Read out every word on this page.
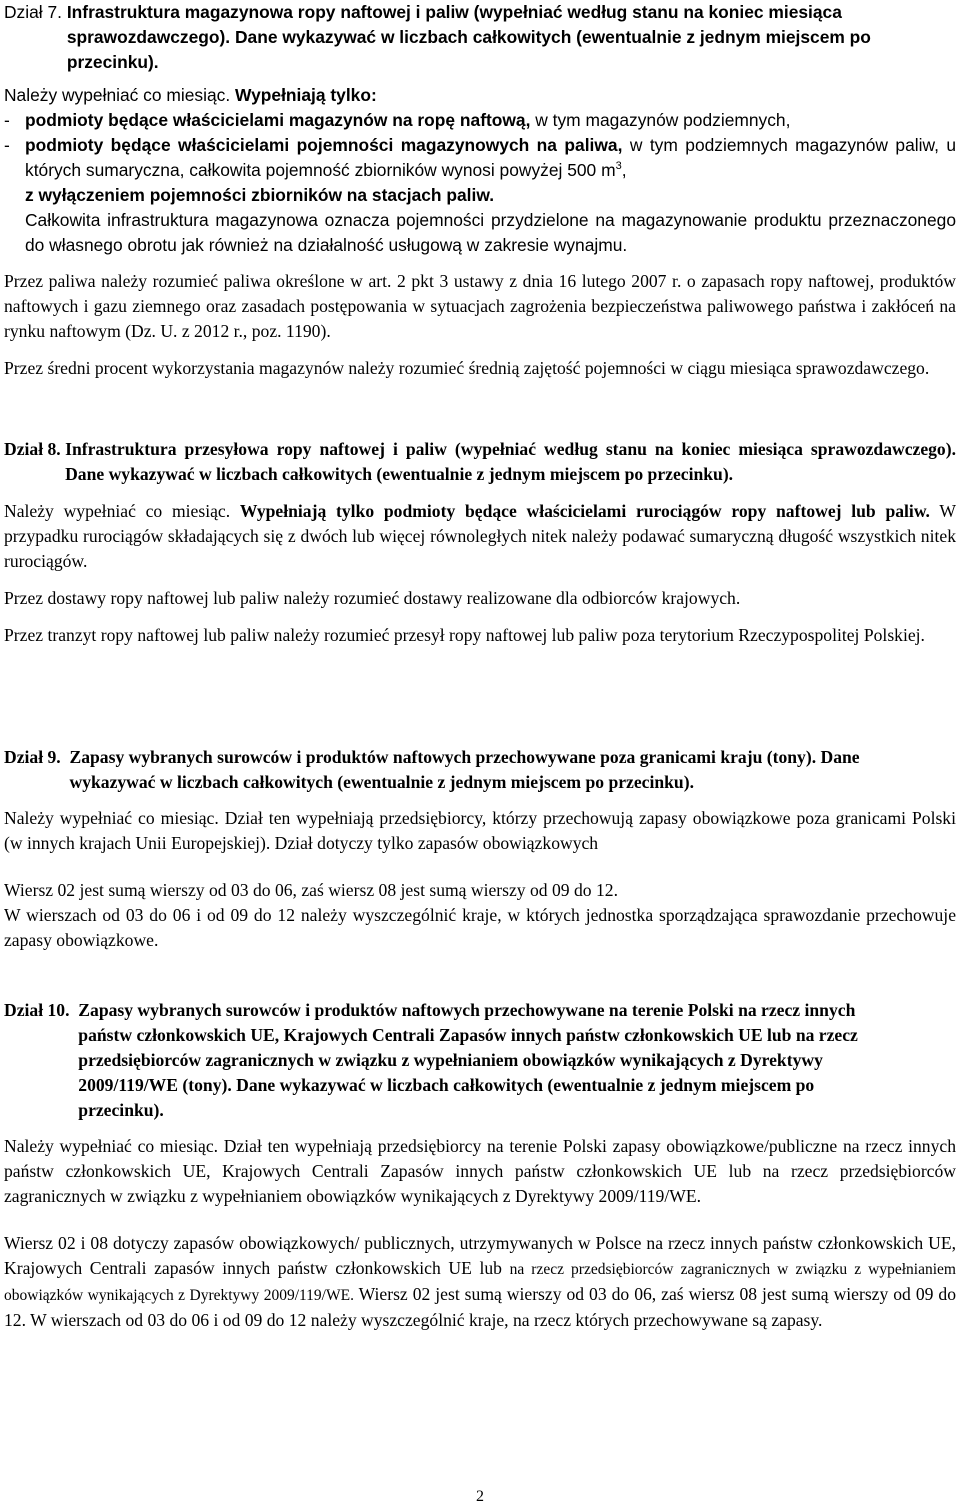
Dział 7. Infrastruktura magazynowa ropy naftowej i paliw (wypełniać według stanu na koniec miesiąca sprawozdawczego). Dane wykazywać w liczbach całkowitych (ewentualnie z jednym miejscem po przecinku).

Należy wypełniać co miesiąc. Wypełniają tylko:

- podmioty będące właścicielami magazynów na ropę naftową, w tym magazynów podziemnych,
- podmioty będące właścicielami pojemności magazynowych na paliwa, w tym podziemnych magazynów paliw, u których sumaryczna, całkowita pojemność zbiorników wynosi powyżej 500 $m^3$,
z wyłączeniem pojemności zbiorników na stacjach paliw.

Całkowita infrastruktura magazynowa oznacza pojemności przydzielone na magazynowanie produktu przeznaczonego do własnego obrotu jak również na działalność usługową w zakresie wynajmu.

Przez paliwa należy rozumieć paliwa określone w art. 2 pkt 3 ustawy z dnia 16 lutego 2007 r. o zapasach ropy naftowej, produktów naftowych i gazu ziemnego oraz zasadach postępowania w sytuacjach zagrożenia bezpieczeństwa paliwowego państwa i zakłóceń na rynku naftowym (Dz. U. z 2012 r., poz. 1190).

Przez średni procent wykorzystania magazynów należy rozumieć średnią zajętość pojemności w ciągu miesiąca sprawozdawczego.

Dział 8. Infrastruktura przesyłowa ropy naftowej i paliw (wypełniać według stanu na koniec miesiąca sprawozdawczego). Dane wykazywać w liczbach całkowitych (ewentualnie z jednym miejscem po przecinku).

Należy wypełniać co miesiąc. Wypełniają tylko podmioty będące właścicielami rurociągów ropy naftowej lub paliw. W przypadku rurociągów składających się z dwóch lub więcej równoległych nitek należy podawać sumaryczną długość wszystkich nitek rurociągów.

Przez dostawy ropy naftowej lub paliw należy rozumieć dostawy realizowane dla odbiorców krajowych.

Przez tranzyt ropy naftowej lub paliw należy rozumieć przesył ropy naftowej lub paliw poza terytorium Rzeczypospolitej Polskiej.

Dział 9. Zapasy wybranych surowców i produktów naftowych przechowywane poza granicami kraju (tony). Dane wykazywać w liczbach całkowitych (ewentualnie z jednym miejscem po przecinku).

Należy wypełniać co miesiąc. Dział ten wypełniają przedsiębiorcy, którzy przechowują zapasy obowiązkowe poza granicami Polski (w innych krajach Unii Europejskiej). Dział dotyczy tylko zapasów obowiązkowych

Wiersz 02 jest sumą wierszy od 03 do 06, zaś wiersz 08 jest sumą wierszy od 09 do 12.

W wierszach od 03 do 06 i od 09 do 12 należy wyszczególnić kraje, w których jednostka sporządzająca sprawozdanie przechowuje zapasy obowiązkowe.

Dział 10. Zapasy wybranych surowców i produktów naftowych przechowywane na terenie Polski na rzecz innych państw członkowskich UE, Krajowych Centrali Zapasów innych państw członkowskich UE lub na rzecz przedsiębiorców zagranicznych w związku z wypełnianiem obowiązków wynikających z Dyrektywy 2009/119/WE (tony). Dane wykazywać w liczbach całkowitych (ewentualnie z jednym miejscem po przecinku).

Należy wypełniać co miesiąc. Dział ten wypełniają przedsiębiorcy na terenie Polski zapasy obowiązkowe/publiczne na rzecz innych państw członkowskich UE, Krajowych Centrali Zapasów innych państw członkowskich UE lub na rzecz przedsiębiorców zagranicznych w związku z wypełnianiem obowiązków wynikających z Dyrektywy 2009/119/WE.

Wiersz 02 i 08 dotyczy zapasów obowiązkowych/ publicznych, utrzymywanych w Polsce na rzecz innych państw członkowskich UE, Krajowych Centrali zapasów innych państw członkowskich UE lub na rzecz przedsiębiorców zagranicznych w związku z wypełnianiem obowiązków wynikających z Dyrektywy 2009/119/WE. Wiersz 02 jest sumą wierszy od 03 do 06, zaś wiersz 08 jest sumą wierszy od 09 do 12. W wierszach od 03 do 06 i od 09 do 12 należy wyszczególnić kraje, na rzecz których przechowywane są zapasy.

2
